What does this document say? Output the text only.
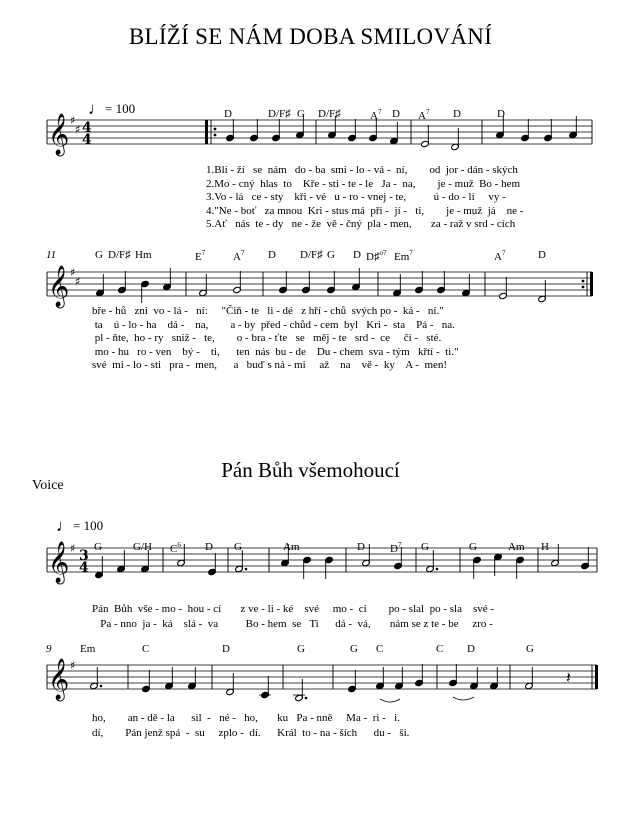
BLÍŽÍ SE NÁM DOBA SMILOVÁNÍ
♩= 100	D	D/F♯ G D/F♯	$A^7$ D $A^7$ D	D
𝄞 ♯
♯ 4
4
1.Blí - ží   se  nám   do - ba  smi - lo - vá -  ní,        od  jor - dán - ských
2.Mo - cný  hlas  to    Kře - sti - te - le   Ja -  na,        je - muž  Bo - hem
3.Vo - lá   ce - sty    kři - vé   u - ro - vnej - te,          ú - do - lí     vy -
4."Ne - boť   za mnou  Kri - stus má  při -  jí -   ti,        je - muž  já    ne -
5.Ať   nás  te - dy   ne - že  vě - čný  pla - men,       za - raž v srd - cích
11	G D/F♯ Hm	$E^7$	$A^7$ D D/F♯ G D D♯$^{o7}$ Em$^7$	$A^7$	D
𝄞 ♯
♯
bře - hů   zni  vo - lá -   ní:     "Čiň - te   li - dé   z hří - chů  svých po -  ká -   ní."
ta    ú - lo - ha    dá -    na,        a - by  před - chůd - cem  byl   Kri -  sta    Pá -   na.
pl - ňte,  ho - ry   sniž -   te,        o - bra - ťte   se   měj - te   srd -  ce     či -   sté.
mo - hu   ro - ven    bý -    ti,      ten  nás  bu - de    Du - chem  sva - tým   křtí -  ti."
své  mi - lo - sti   pra -  men,      a   buď s ná - mi     až    na    vě -  ky    A -  men!
Pán Bůh všemohoucí
Voice
♩= 100
G	G/H $C^6$ D G	Am	D $D^7$ G	G	Am H
𝄞 ♯ 3
4
Pán  Bůh  vše - mo -  hou - cí       z ve - li - ké    své     mo -  ci        po - slal  po - sla    své -
Pa - nno  ja -  ká    slá -  va          Bo - hem  se   Ti      dá -  vá,       nám se z te - be     zro -
9	Em	C	D	G	G C	C D	G
𝄞 ♯
𝄽
ho,        an - dě - la      sil  -   né -   ho,       ku   Pa - nně     Ma -  ri -   i.
dí,        Pán jenž spá  -  su     zplo -  dí.      Král  to - na - ších      du -   ši.
